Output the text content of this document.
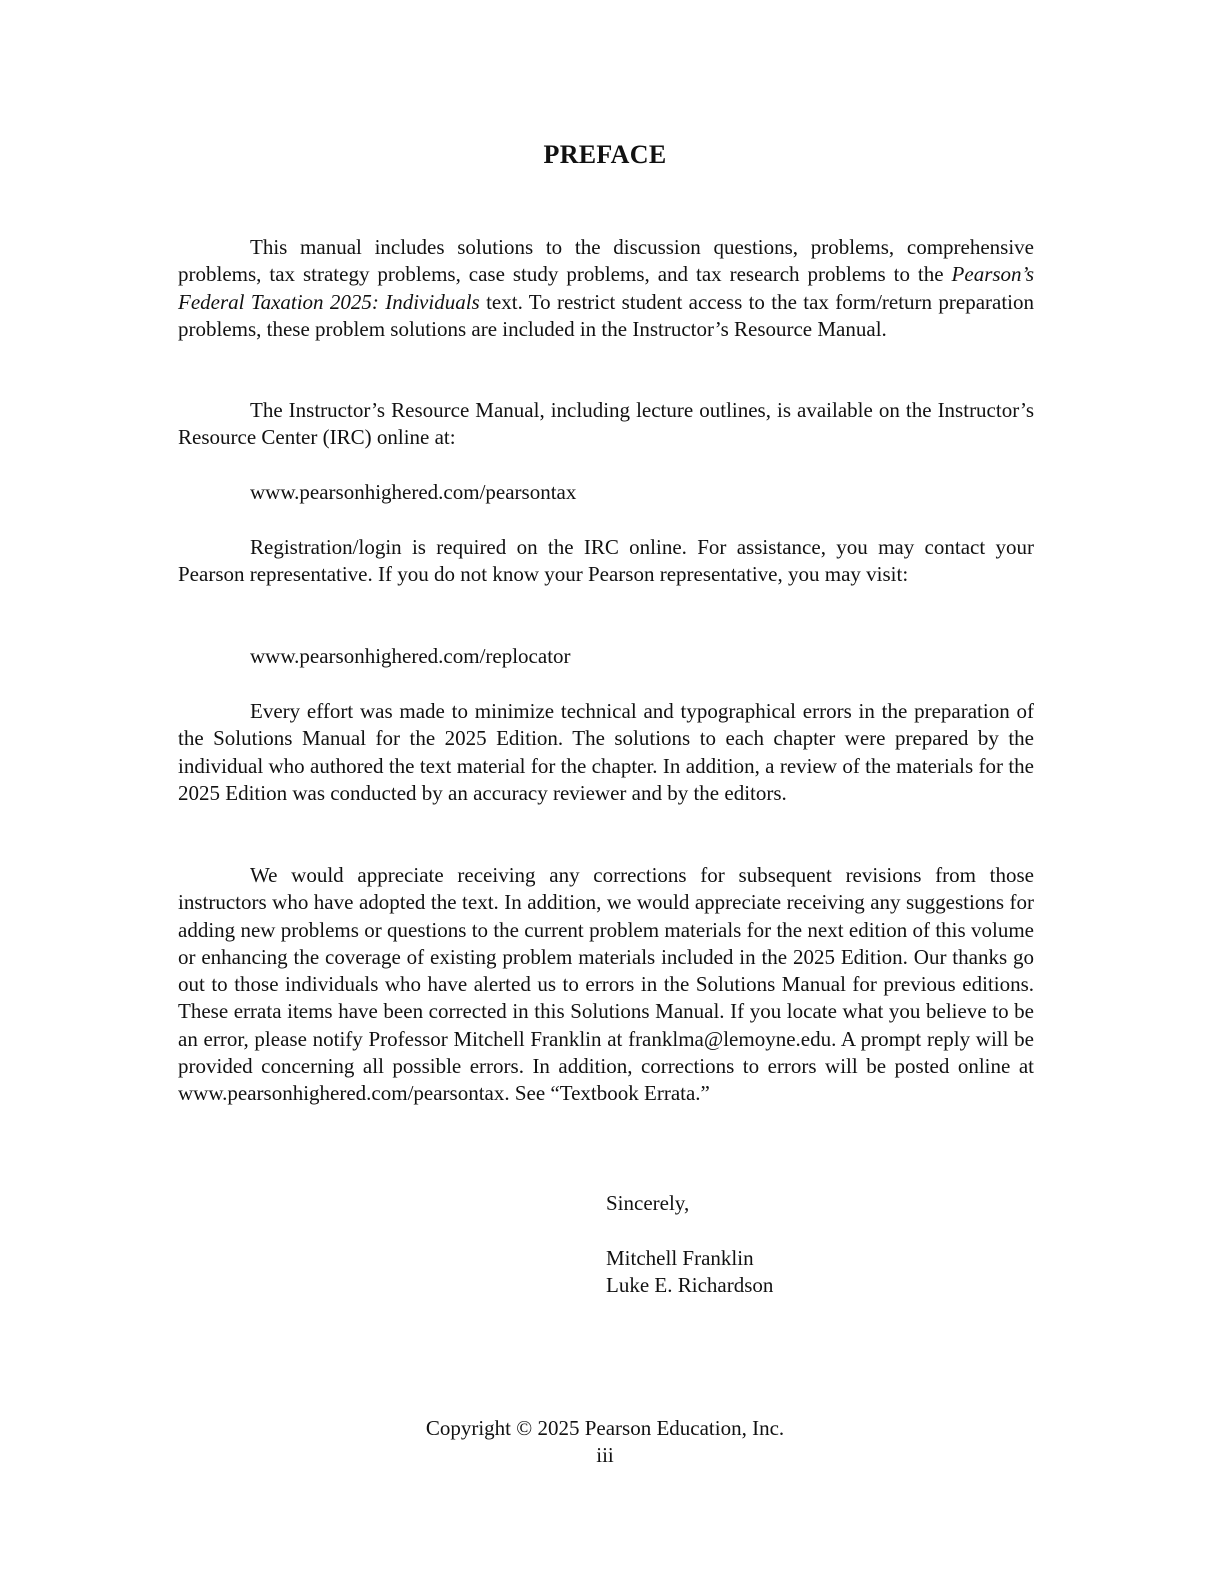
PREFACE

This manual includes solutions to the discussion questions, problems, comprehensive problems, tax strategy problems, case study problems, and tax research problems to the Pearson’s Federal Taxation 2025: Individuals text. To restrict student access to the tax form/return preparation problems, these problem solutions are included in the Instructor’s Resource Manual.

The Instructor’s Resource Manual, including lecture outlines, is available on the Instructor’s Resource Center (IRC) online at:

www.pearsonhighered.com/pearsontax

Registration/login is required on the IRC online. For assistance, you may contact your Pearson representative. If you do not know your Pearson representative, you may visit:

www.pearsonhighered.com/replocator

Every effort was made to minimize technical and typographical errors in the preparation of the Solutions Manual for the 2025 Edition. The solutions to each chapter were prepared by the individual who authored the text material for the chapter. In addition, a review of the materials for the 2025 Edition was conducted by an accuracy reviewer and by the editors.

We would appreciate receiving any corrections for subsequent revisions from those instructors who have adopted the text. In addition, we would appreciate receiving any suggestions for adding new problems or questions to the current problem materials for the next edition of this volume or enhancing the coverage of existing problem materials included in the 2025 Edition. Our thanks go out to those individuals who have alerted us to errors in the Solutions Manual for previous editions. These errata items have been corrected in this Solutions Manual. If you locate what you believe to be an error, please notify Professor Mitchell Franklin at franklma@lemoyne.edu. A prompt reply will be provided concerning all possible errors. In addition, corrections to errors will be posted online at www.pearsonhighered.com/pearsontax. See “Textbook Errata.”

Sincerely,
Mitchell Franklin
Luke E. Richardson
Copyright © 2025 Pearson Education, Inc.
iii
